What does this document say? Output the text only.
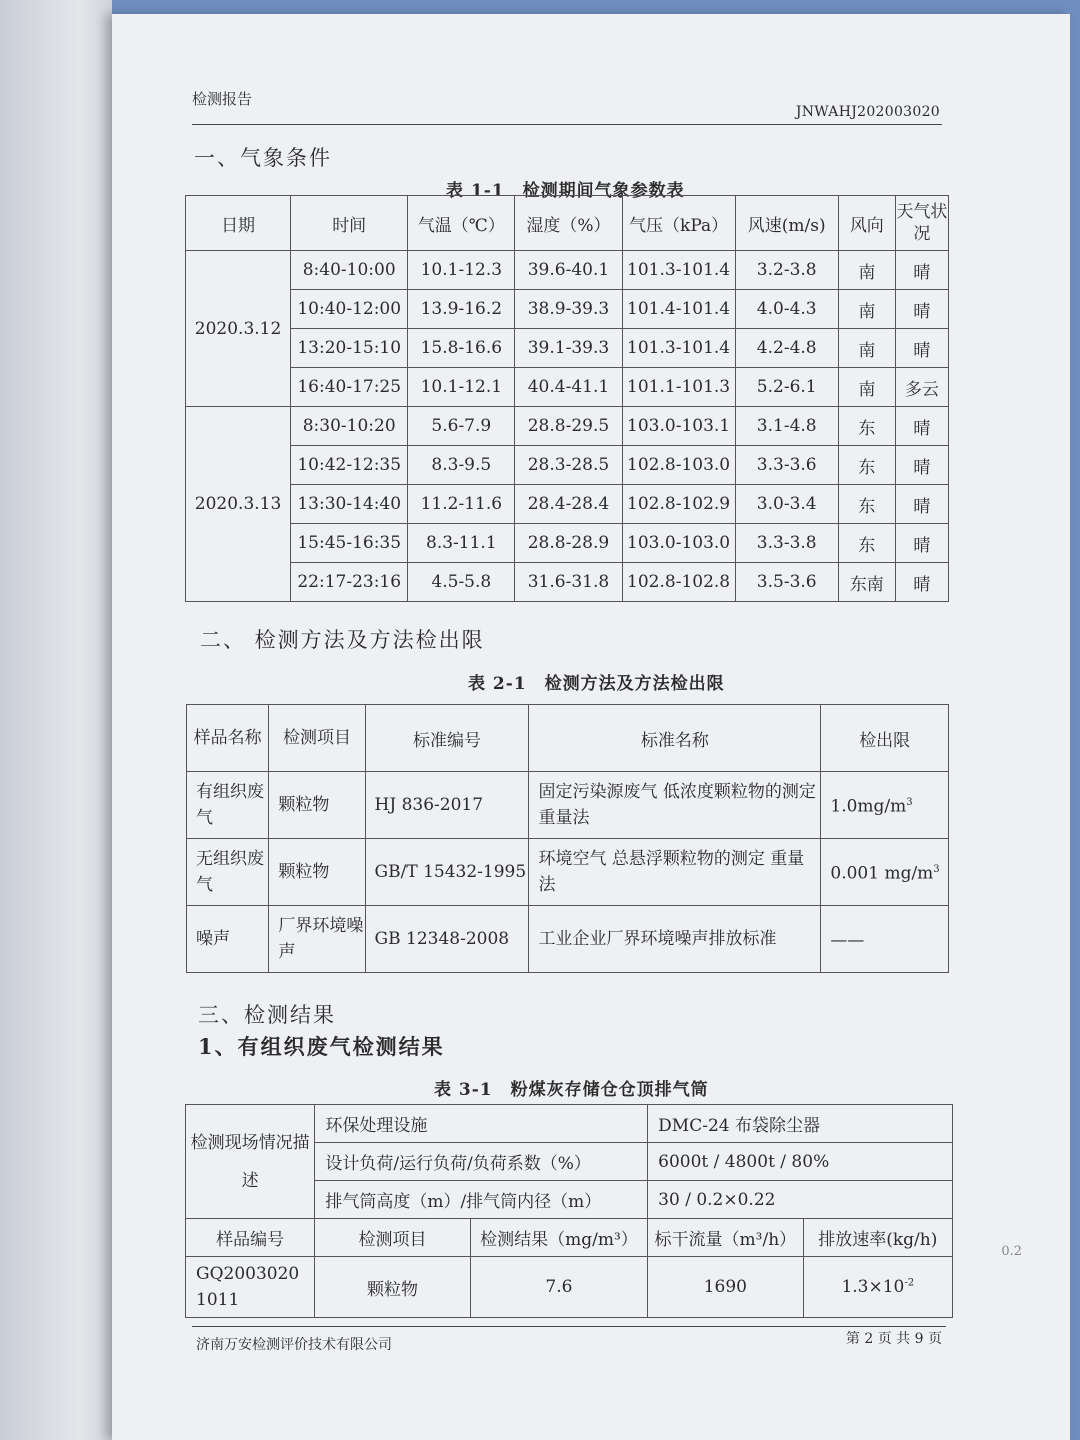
检测报告
JNWAHJ202003020
一、气象条件
表 1-1　检测期间气象参数表
日期	时间	气温（℃）	湿度（%）	气压（kPa）	风速(m/s)	风向	天气状况
2020.3.12	8:40-10:00	10.1-12.3	39.6-40.1	101.3-101.4	3.2-3.8	南	晴
	10:40-12:00	13.9-16.2	38.9-39.3	101.4-101.4	4.0-4.3	南	晴
	13:20-15:10	15.8-16.6	39.1-39.3	101.3-101.4	4.2-4.8	南	晴
	16:40-17:25	10.1-12.1	40.4-41.1	101.1-101.3	5.2-6.1	南	多云
2020.3.13	8:30-10:20	5.6-7.9	28.8-29.5	103.0-103.1	3.1-4.8	东	晴
	10:42-12:35	8.3-9.5	28.3-28.5	102.8-103.0	3.3-3.6	东	晴
	13:30-14:40	11.2-11.6	28.4-28.4	102.8-102.9	3.0-3.4	东	晴
	15:45-16:35	8.3-11.1	28.8-28.9	103.0-103.0	3.3-3.8	东	晴
	22:17-23:16	4.5-5.8	31.6-31.8	102.8-102.8	3.5-3.6	东南	晴
二、 检测方法及方法检出限
表 2-1　检测方法及方法检出限
样品名称	检测项目	标准编号	标准名称	检出限
有组织废气	颗粒物	HJ 836-2017	固定污染源废气 低浓度颗粒物的测定 重量法	$1.0mg/m^3$
无组织废气	颗粒物	GB/T 15432-1995	环境空气 总悬浮颗粒物的测定 重量法	0.001 $mg/m^3$
噪声	厂界环境噪声	GB 12348-2008	工业企业厂界环境噪声排放标准	——
三、检测结果
1、有组织废气检测结果
表 3-1　粉煤灰存储仓仓顶排气筒
检测现场情况描述	环保处理设施		DMC-24 布袋除尘器	
	设计负荷/运行负荷/负荷系数（%）		6000t / 4800t / 80%	
	排气筒高度（m）/排气筒内径（m）		30 / 0.2×0.22	
样品编号	检测项目	检测结果（mg/m³）	标干流量（m³/h）	排放速率(kg/h)
GQ2003020 1011	颗粒物	7.6	1690	$1.3\times 10^{-2}$
济南万安检测评价技术有限公司	第 2 页 共 9 页
0.2
